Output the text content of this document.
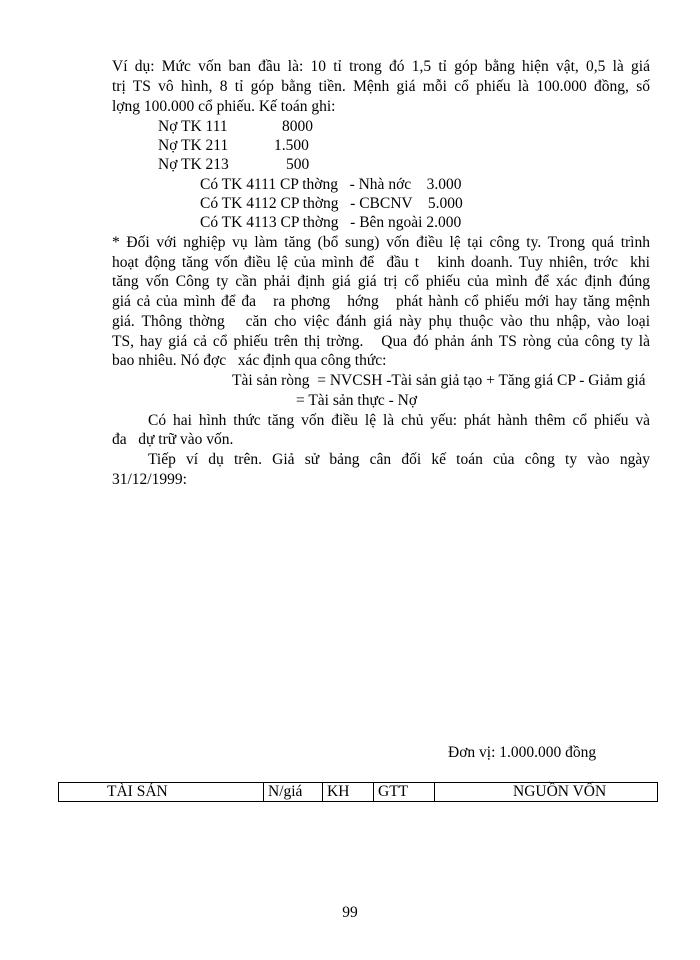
Ví dụ: Mức vốn ban đầu là: 10 tỉ trong đó 1,5 tỉ góp bằng hiện vật, 0,5 là giá
trị TS vô hình, 8 tỉ góp bằng tiền. Mệnh giá mỗi cổ phiếu là 100.000 đồng, số
lợng 100.000 cổ phiếu. Kế toán ghi:
Nợ TK 111	8000
Nợ TK 211	1.500
Nợ TK 213	500
Có TK 4111 CP thờng   - Nhà nớc    3.000
Có TK 4112 CP thờng   - CBCNV    5.000
Có TK 4113 CP thờng   - Bên ngoài 2.000
* Đối với nghiệp vụ làm tăng (bổ sung) vốn điều lệ tại công ty. Trong quá trình
hoạt động tăng vốn điều lệ của mình để  đầu t   kinh doanh. Tuy nhiên, trớc  khi
tăng vốn Công ty cần phải định giá giá trị cổ phiếu của mình để xác định đúng
giá cả của mình để đa   ra phơng   hớng   phát hành cổ phiếu mới hay tăng mệnh
giá. Thông thờng   căn cho việc đánh giá này phụ thuộc vào thu nhập, vào loại
TS, hay giá cả cổ phiếu trên thị trờng.   Qua đó phản ánh TS ròng của công ty là
bao nhiêu. Nó đợc   xác định qua công thức:
Tài sản ròng  = NVCSH -Tài sản giả tạo + Tăng giá CP - Giảm giá
= Tài sản thực - Nợ
Có hai hình thức tăng vốn điều lệ là chủ yếu: phát hành thêm cổ phiếu và
đa   dự trữ vào vốn.
Tiếp ví dụ trên. Giả sử bảng cân đối kế toán của công ty vào ngày
31/12/1999:
Đơn vị: 1.000.000 đồng
TÀI SẢN	N/giá	KH	GTT	NGUỒN VỐN
99
